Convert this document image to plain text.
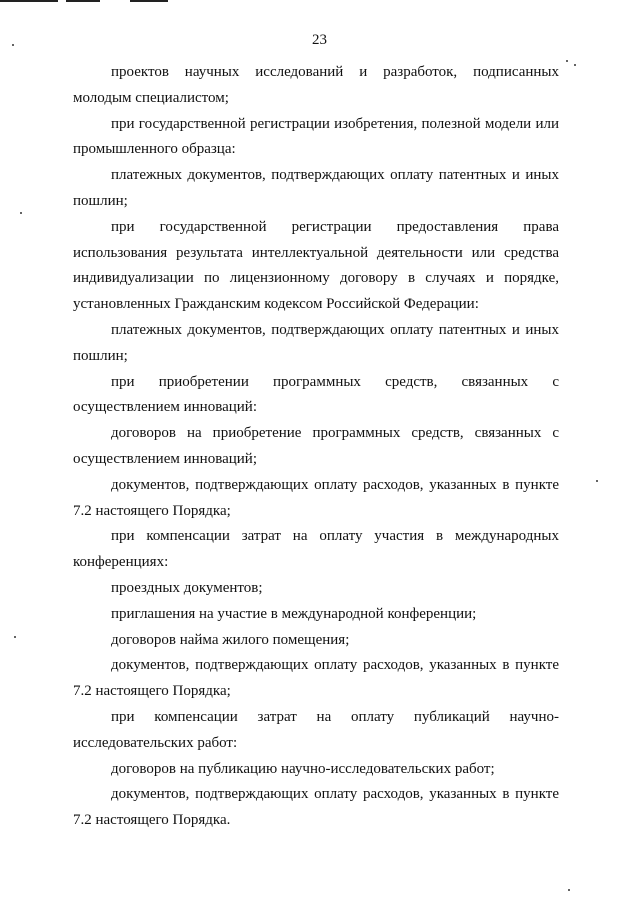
23

проектов научных исследований и разработок, подписанных молодым специалистом;

при государственной регистрации изобретения, полезной модели или промышленного образца:

платежных документов, подтверждающих оплату патентных и иных пошлин;

при государственной регистрации предоставления права использования результата интеллектуальной деятельности или средства индивидуализации по лицензионному договору в случаях и порядке, установленных Гражданским кодексом Российской Федерации:

платежных документов, подтверждающих оплату патентных и иных пошлин;

при приобретении программных средств, связанных с осуществлением инноваций:

договоров на приобретение программных средств, связанных с осуществлением инноваций;

документов, подтверждающих оплату расходов, указанных в пункте 7.2 настоящего Порядка;

при компенсации затрат на оплату участия в международных конференциях:

проездных документов;

приглашения на участие в международной конференции;

договоров найма жилого помещения;

документов, подтверждающих оплату расходов, указанных в пункте 7.2 настоящего Порядка;

при компенсации затрат на оплату публикаций научно-исследовательских работ:

договоров на публикацию научно-исследовательских работ;

документов, подтверждающих оплату расходов, указанных в пункте 7.2 настоящего Порядка.
